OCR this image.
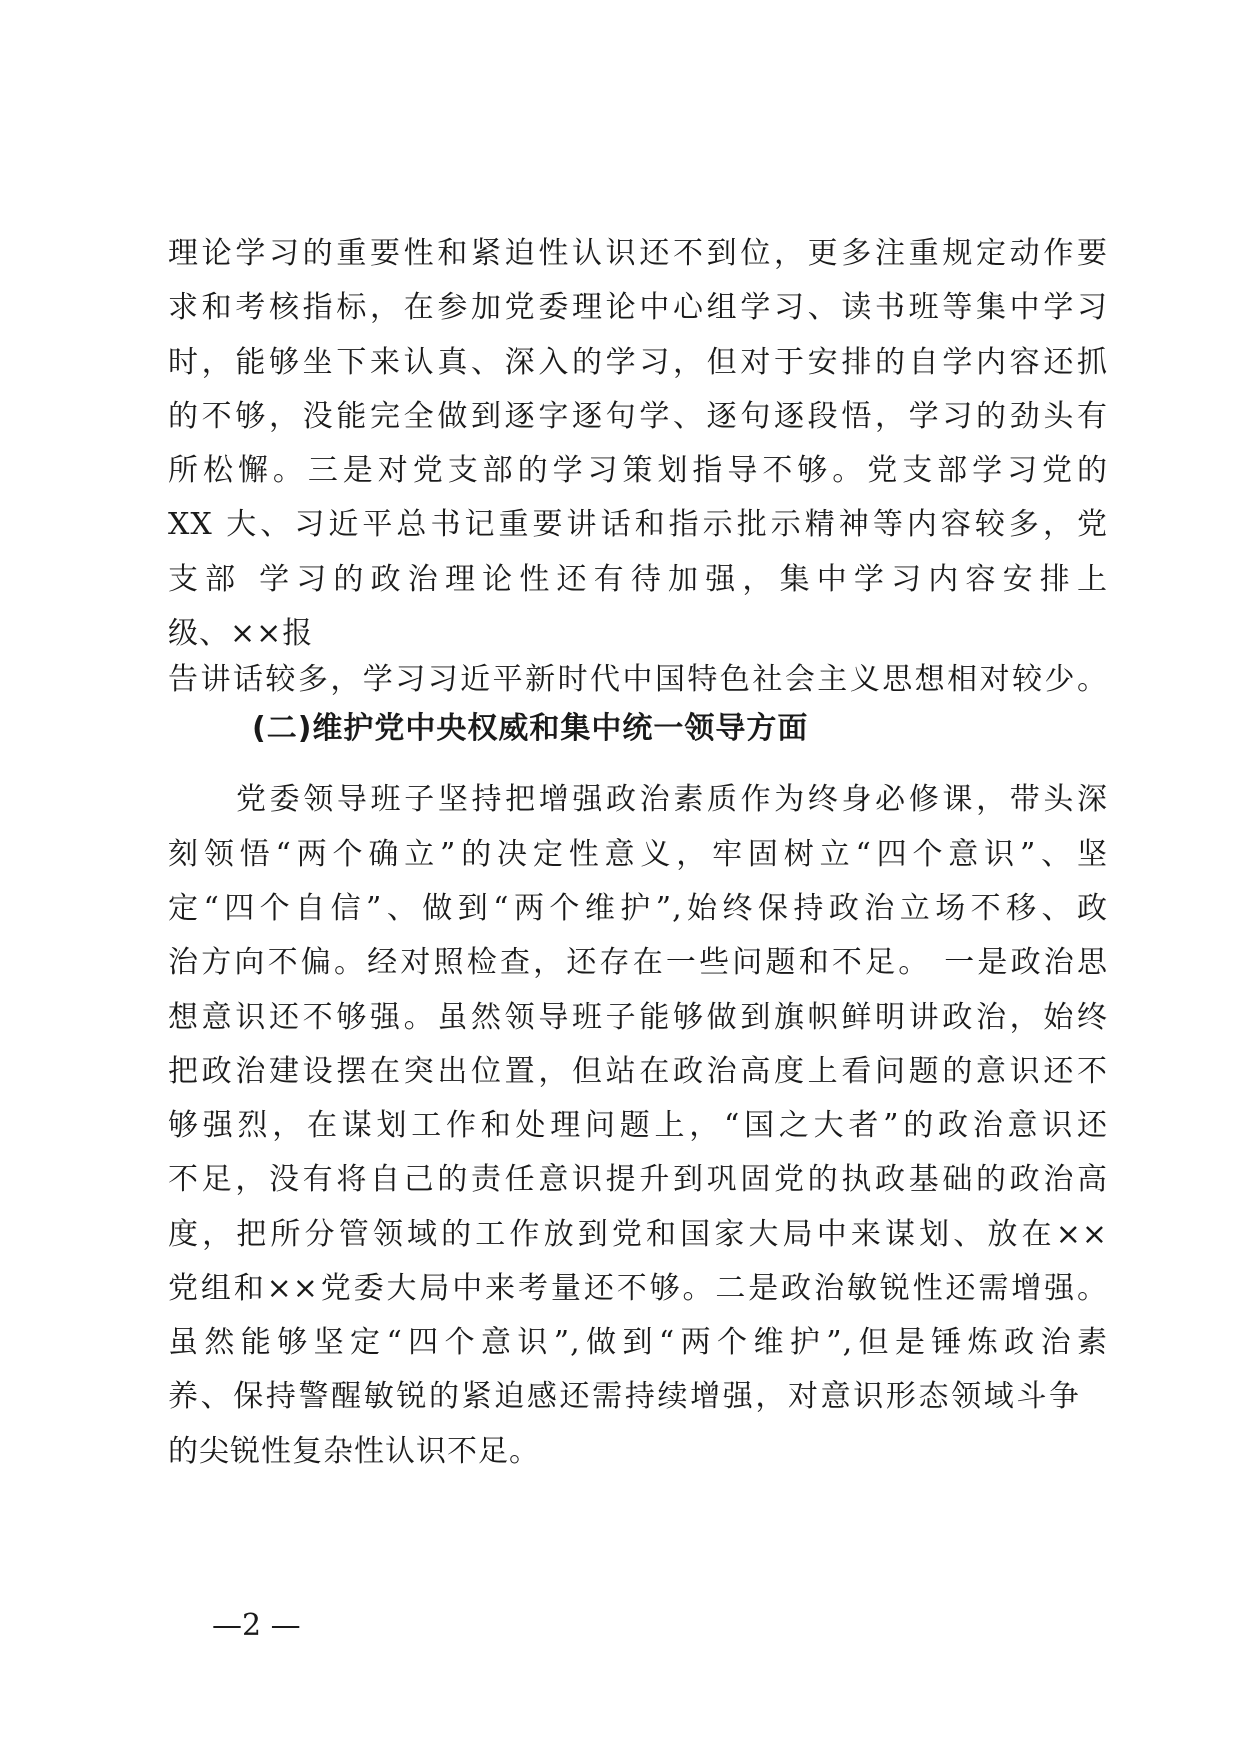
理论学习的重要性和紧迫性认识还不到位，更多注重规定动作要
求和考核指标，在参加党委理论中心组学习、读书班等集中学习
时，能够坐下来认真、深入的学习，但对于安排的自学内容还抓
的不够，没能完全做到逐字逐句学、逐句逐段悟，学习的劲头有
所松懈。三是对党支部的学习策划指导不够。党支部学习党的
XX 大、习近平总书记重要讲话和指示批示精神等内容较多，党
支部 学习的政治理论性还有待加强，集中学习内容安排上
级、××报
告讲话较多，学习习近平新时代中国特色社会主义思想相对较少。
(二)维护党中央权威和集中统一领导方面
党委领导班子坚持把增强政治素质作为终身必修课，带头深
刻领悟“两个确立”的决定性意义，牢固树立“四个意识”、坚
定“四个自信”、做到“两个维护”,始终保持政治立场不移、政
治方向不偏。经对照检查，还存在一些问题和不足。 一是政治思
想意识还不够强。虽然领导班子能够做到旗帜鲜明讲政治，始终
把政治建设摆在突出位置，但站在政治高度上看问题的意识还不
够强烈，在谋划工作和处理问题上，“国之大者”的政治意识还
不足，没有将自己的责任意识提升到巩固党的执政基础的政治高
度，把所分管领域的工作放到党和国家大局中来谋划、放在××
党组和××党委大局中来考量还不够。二是政治敏锐性还需增强。
虽然能够坚定“四个意识”,做到“两个维护”,但是锤炼政治素
养、保持警醒敏锐的紧迫感还需持续增强，对意识形态领域斗争
的尖锐性复杂性认识不足。
—2 —
